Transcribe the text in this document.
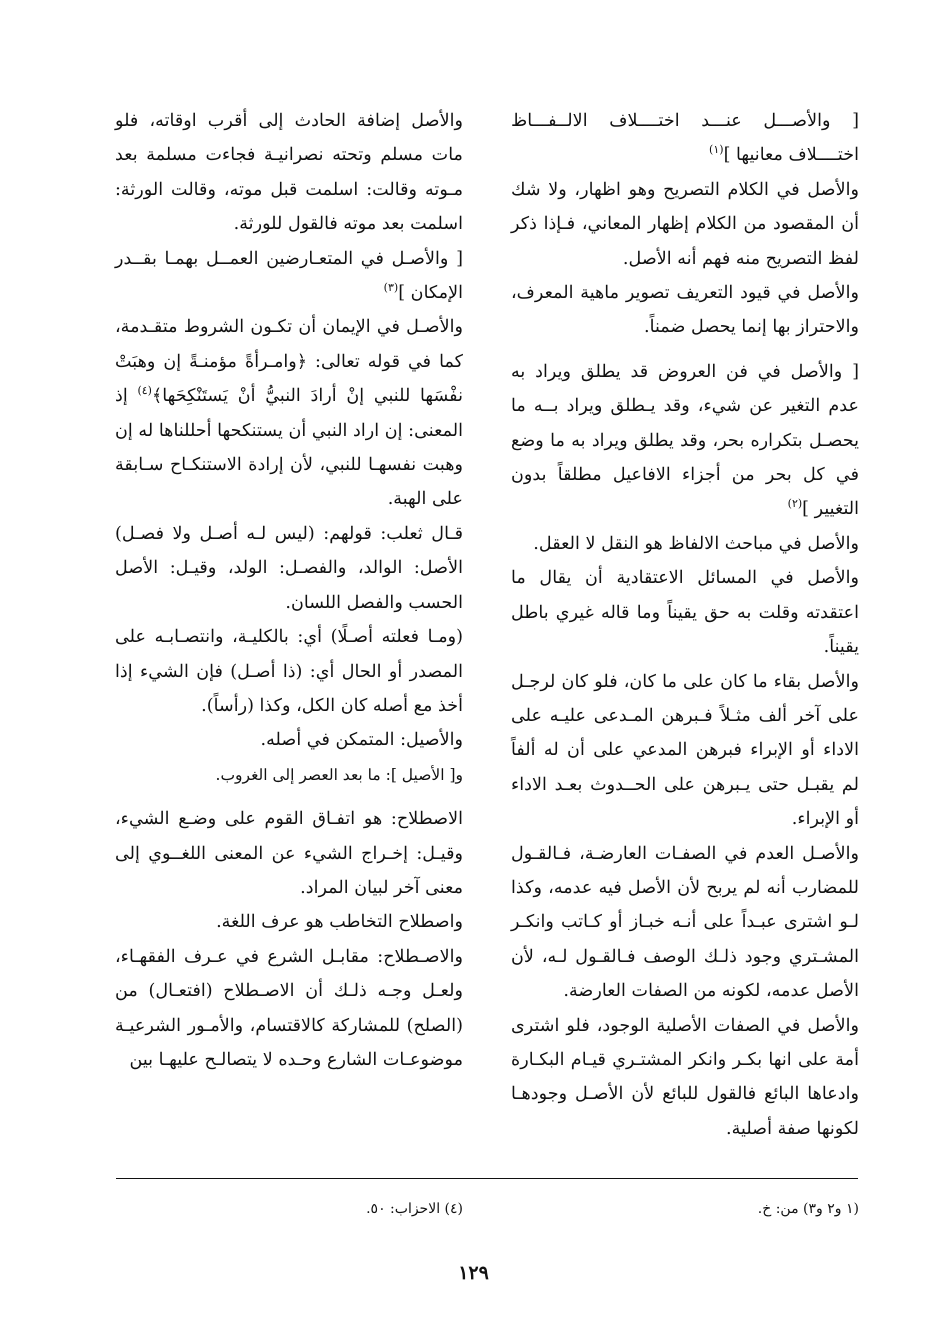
[ والأصـــل عنـــد اختــــلاف الالــفـــاظ اختــــلاف معانيها ]$^{(١)}$

والأصل في الكلام التصريح وهو اظهار، ولا شك أن المقصود من الكلام إظهار المعاني، فـإذا ذكر لفظ التصريح منه فهم أنه الأصل.

والأصل في قيود التعريف تصوير ماهية المعرف، والاحتراز بها إنما يحصل ضمناً.

[ والأصل في فن العروض قد يطلق ويراد به عدم التغير عن شيء، وقد يـطلق ويراد بــه ما يحصـل بتكراره بحر، وقد يطلق ويراد به ما وضع في كل بحر من أجزاء الافاعيل مطلقاً بدون التغيير ]$^{(٢)}$

والأصل في مباحث الالفاظ هو النقل لا العقل.

والأصل في المسائل الاعتقادية أن يقال ما اعتقدته وقلت به حق يقيناً وما قاله غيري باطل يقيناً.

والأصل بقاء ما كان على ما كان، فلو كان لرجـل على آخر ألف مثـلاً فـبرهن المـدعى عليـه على الاداء أو الإبراء فبرهن المدعي على أن له ألفاً لم يقبـل حتى يـبرهن على الحــدوث بعـد الاداء أو الإبراء.

والأصـل العدم في الصفـات العارضـة، فـالقـول للمضارب أنه لم يربح لأن الأصل فيه عدمه، وكذا لـو اشترى عبـداً على أنـه خبـاز أو كـاتب وانكـر المشـتري وجود ذلـك الوصف فـالقـول لـه، لأن الأصل عدمه، لكونه من الصفات العارضة.

والأصل في الصفات الأصلية الوجود، فلو اشترى أمة على انها بكـر وانكر المشتـري قيـام البكـارة وادعاها البائع فالقول للبائع لأن الأصـل وجودهـا لكونها صفة أصلية.

والأصل إضافة الحادث إلى أقرب اوقاته، فلو مات مسلم وتحته نصرانيـة فجاءت مسلمة بعد مـوته وقالت: اسلمت قبل موته، وقالت الورثة: اسلمت بعد موته فالقول للورثة.

[ والأصـل في المتعـارضين العمــل بهمـا بقــدر الإمكان ]$^{(٣)}$

والأصـل في الإيمان أن تكـون الشروط متقـدمة، كما في قوله تعالى: ﴿وامـرأةً مؤمنـةً إن وهبَتْ نفْسَها للنبي إنْ أرادَ النبيُّ أنْ يَستَنْكِحَها﴾$^{(٤)}$ إذ المعنى: إن اراد النبي أن يستنكحها أحللناها له إن وهبت نفسهـا للنبي، لأن إرادة الاستنكـاح سـابقة على الهبة.

قـال ثعلب: قولهم: (ليس لـه أصـل ولا فصـل) الأصل: الوالد، والفصـل: الولد، وقيـل: الأصل الحسب والفصل اللسان.

(ومـا فعلته أصـلًا) أي: بالكليـة، وانتصـابـه على المصدر أو الحال أي: (ذا أصـل) فإن الشيء إذا أخذ مع أصله كان الكل، وكذا (رأساً).

والأصيل: المتمكن في أصله.

و[ الأصيل ]: ما بعد العصر إلى الغروب.

الاصطلاح: هو اتفـاق القوم على وضـع الشيء، وقيـل: إخـراج الشيء عن المعنى اللغــوي إلى معنى آخر لبيان المراد.

واصطلاح التخاطب هو عرف اللغة.

والاصـطلاح: مقابـل الشرع في عـرف الفقهـاء، ولعـل وجـه ذلـك أن الاصـطلاح (افتعـال) من (الصلح) للمشاركة كالاقتسام، والأمـور الشرعيـة موضوعـات الشارع وحـده لا يتصالـح عليهـا بين

(١ و٢ و٣) من: خ.
(٤) الاحزاب: ٥٠.
١٢٩
